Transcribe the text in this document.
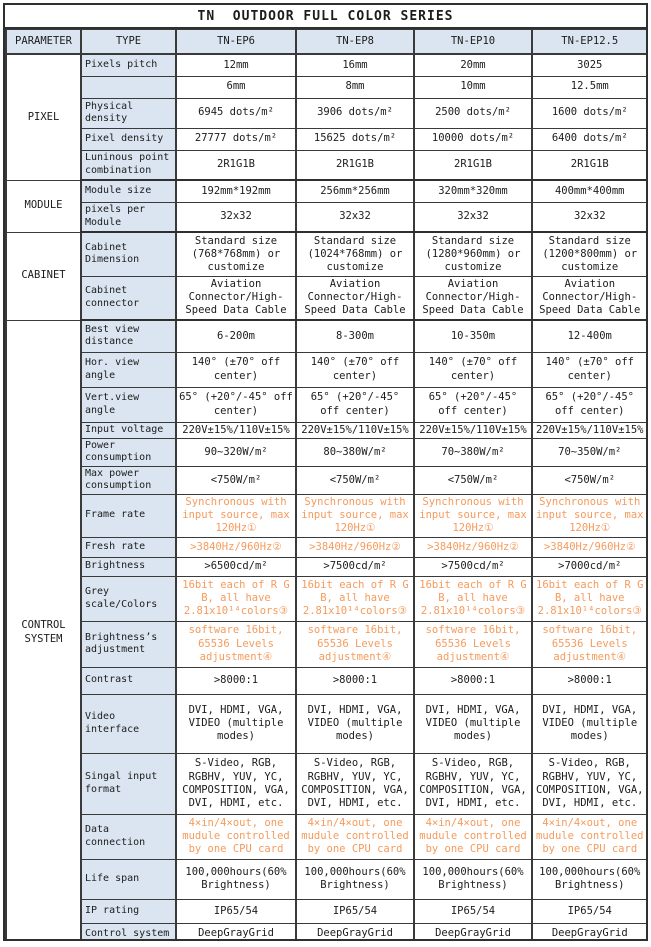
TN  OUTDOOR FULL COLOR SERIES
PARAMETER	TYPE	TN-EP6	TN-EP8	TN-EP10	TN-EP12.5
PIXEL	Pixels pitch	12mm	16mm	20mm	3025
		6mm	8mm	10mm	12.5mm
	Physical density	6945 dots/m²	3906 dots/m²	2500 dots/m²	1600 dots/m²
	Pixel density	27777 dots/m²	15625 dots/m²	10000 dots/m²	6400 dots/m²
	Luninous point combination	2R1G1B	2R1G1B	2R1G1B	2R1G1B
MODULE	Module size	192mm*192mm	256mm*256mm	320mm*320mm	400mm*400mm
	pixels per Module	32x32	32x32	32x32	32x32
CABINET	Cabinet Dimension	Standard size (768*768mm) or customize	Standard size (1024*768mm) or customize	Standard size (1280*960mm) or customize	Standard size (1200*800mm) or customize
	Cabinet connector	Aviation Connector/High-Speed Data Cable	Aviation Connector/High-Speed Data Cable	Aviation Connector/High-Speed Data Cable	Aviation Connector/High-Speed Data Cable
CONTROL SYSTEM	Best view distance	6-200m	8-300m	10-350m	12-400m
	Hor. view angle	140° (±70° off center)	140° (±70° off center)	140° (±70° off center)	140° (±70° off center)
	Vert.view angle	65° (+20°/-45° off center)	65° (+20°/-45° off center)	65° (+20°/-45° off center)	65° (+20°/-45° off center)
	Input voltage	220V±15%/110V±15%	220V±15%/110V±15%	220V±15%/110V±15%	220V±15%/110V±15%
	Power consumption	90~320W/m²	80~380W/m²	70~380W/m²	70~350W/m²
	Max power consumption	<750W/m²	<750W/m²	<750W/m²	<750W/m²
	Frame rate	Synchronous with input source, max 120Hz①	Synchronous with input source, max 120Hz①	Synchronous with input source, max 120Hz①	Synchronous with input source, max 120Hz①
	Fresh rate	>3840Hz/960Hz②	>3840Hz/960Hz②	>3840Hz/960Hz②	>3840Hz/960Hz②
	Brightness	>6500cd/m²	>7500cd/m²	>7500cd/m²	>7000cd/m²
	Grey scale/Colors	16bit each of R G B, all have 2.81x10¹⁴colors③	16bit each of R G B, all have 2.81x10¹⁴colors③	16bit each of R G B, all have 2.81x10¹⁴colors③	16bit each of R G B, all have 2.81x10¹⁴colors③
	Brightness’s adjustment	software 16bit, 65536 Levels adjustment④	software 16bit, 65536 Levels adjustment④	software 16bit, 65536 Levels adjustment④	software 16bit, 65536 Levels adjustment④
	Contrast	>8000:1	>8000:1	>8000:1	>8000:1
	Video interface	DVI, HDMI, VGA, VIDEO (multiple modes)	DVI, HDMI, VGA, VIDEO (multiple modes)	DVI, HDMI, VGA, VIDEO (multiple modes)	DVI, HDMI, VGA, VIDEO (multiple modes)
	Singal input format	S-Video, RGB, RGBHV, YUV, YC, COMPOSITION, VGA, DVI, HDMI, etc.	S-Video, RGB, RGBHV, YUV, YC, COMPOSITION, VGA, DVI, HDMI, etc.	S-Video, RGB, RGBHV, YUV, YC, COMPOSITION, VGA, DVI, HDMI, etc.	S-Video, RGB, RGBHV, YUV, YC, COMPOSITION, VGA, DVI, HDMI, etc.
	Data connection	4×in/4×out, one mudule controlled by one CPU card	4×in/4×out, one mudule controlled by one CPU card	4×in/4×out, one mudule controlled by one CPU card	4×in/4×out, one mudule controlled by one CPU card
	Life span	100,000hours(60% Brightness)	100,000hours(60% Brightness)	100,000hours(60% Brightness)	100,000hours(60% Brightness)
	IP rating	IP65/54	IP65/54	IP65/54	IP65/54
	Control system	DeepGrayGrid	DeepGrayGrid	DeepGrayGrid	DeepGrayGrid
